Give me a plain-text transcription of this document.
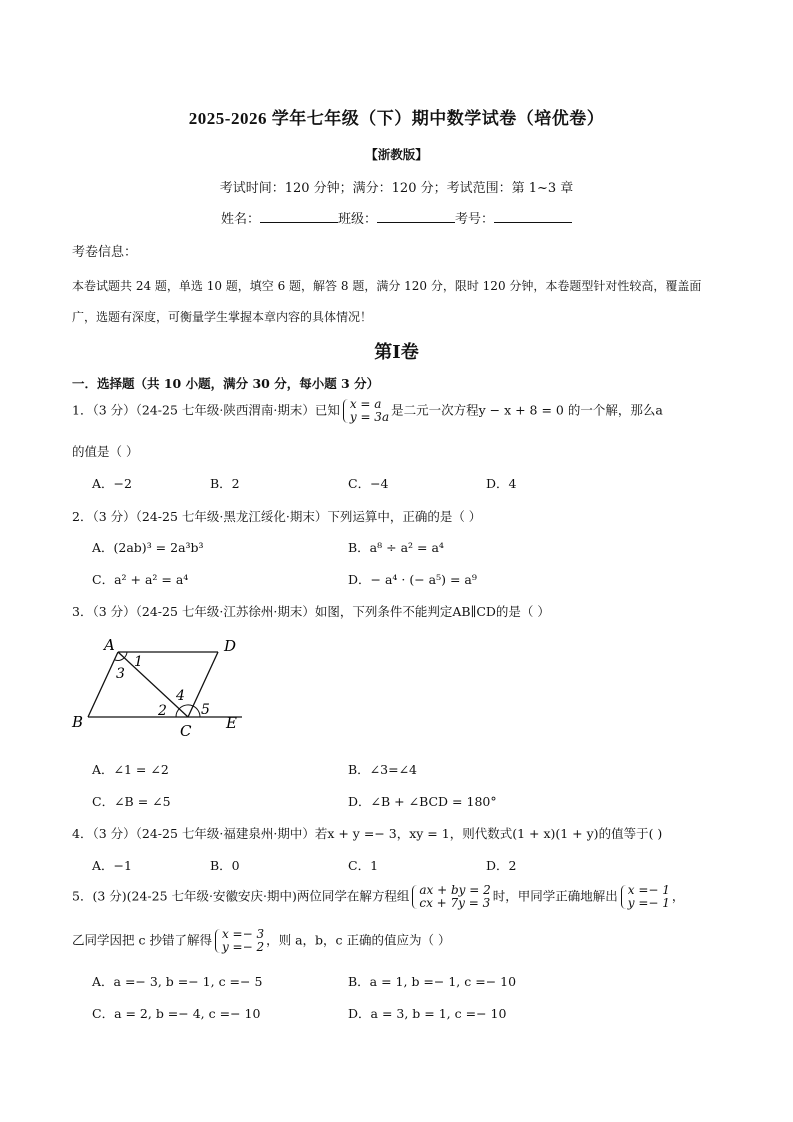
2025-2026 学年七年级（下）期中数学试卷（培优卷）
【浙教版】
考试时间：120 分钟；满分：120 分；考试范围：第 1~3 章
姓名：	班级：	考号：
考卷信息：
本卷试题共 24 题，单选 10 题，填空 6 题，解答 8 题，满分 120 分，限时 120 分钟，本卷题型针对性较高，覆盖面广，选题有深度，可衡量学生掌握本章内容的具体情况！
第Ⅰ卷
一．选择题（共 10 小题，满分 30 分，每小题 3 分）
1．（3 分）（24-25 七年级·陕西渭南·期末）已知 x = a
y = 3a 是二元一次方程y − x + 8 = 0 的一个解，那么a
的值是（ ）
A．−2	B．2	C．−4	D．4
2．（3 分）（24-25 七年级·黑龙江绥化·期末）下列运算中，正确的是（ ）
A．(2ab)³ = 2a³b³	B．a⁸ ÷ a² = a⁴
C．a² + a² = a⁴	D．− a⁴ · (− a⁵) = a⁹
3．（3 分）（24-25 七年级·江苏徐州·期末）如图，下列条件不能判定AB∥CD的是（ ）
A	D
1
3
4
2 5
B	C E
A．∠1 = ∠2	B．∠3=∠4
C．∠B = ∠5	D．∠B + ∠BCD = 180°
4．（3 分）（24-25 七年级·福建泉州·期中）若x + y =− 3，xy = 1，则代数式(1 + x)(1 + y)的值等于( )
A．−1	B．0	C．1	D．2
5．(3 分)(24-25 七年级·安徽安庆·期中)两位同学在解方程组 ax + by = 2
cx + 7y = 3 时，甲同学正确地解出 x =− 1
y =− 1 ，
乙同学因把 c 抄错了解得 x =− 3
y =− 2 ，则 a，b，c 正确的值应为（ ）
A．a =− 3, b =− 1, c =− 5	B．a = 1, b =− 1, c =− 10
C．a = 2, b =− 4, c =− 10	D．a = 3, b = 1, c =− 10
